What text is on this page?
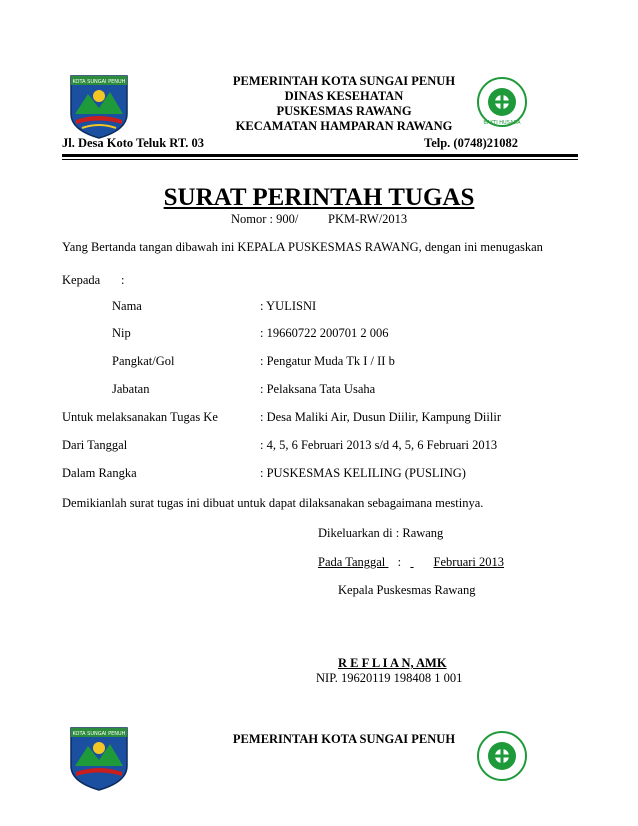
KOTA SUNGAI PENUH	PEMERINTAH KOTA SUNGAI PENUH
DINAS KESEHATAN
PUSKESMAS RAWANG
KECAMATAN HAMPARAN RAWANG	BAKTI HUSADA
Jl. Desa Koto Teluk RT. 03	Telp. (0748)21082
SURAT PERINTAH TUGAS
Nomor : 900/ PKM-RW/2013
Yang Bertanda tangan dibawah ini KEPALA PUSKESMAS RAWANG, dengan ini menugaskan
Kepada :
Nama	: YULISNI
Nip	: 19660722 200701 2 006
Pangkat/Gol	: Pengatur Muda Tk I / II b
Jabatan	: Pelaksana Tata Usaha
Untuk melaksanakan Tugas Ke	: Desa Maliki Air, Dusun Diilir, Kampung Diilir
Dari Tanggal	: 4, 5, 6 Februari 2013 s/d 4, 5, 6 Februari 2013
Dalam Rangka	: PUSKESMAS KELILING (PUSLING)
Demikianlah surat tugas ini dibuat untuk dapat dilaksanakan sebagaimana mestinya.
Dikeluarkan di : Rawang
Pada Tanggal :	Februari 2013
Kepala Puskesmas Rawang
R E F L I A N, AMK
NIP. 19620119 198408 1 001
KOTA SUNGAI PENUH	PEMERINTAH KOTA SUNGAI PENUH
